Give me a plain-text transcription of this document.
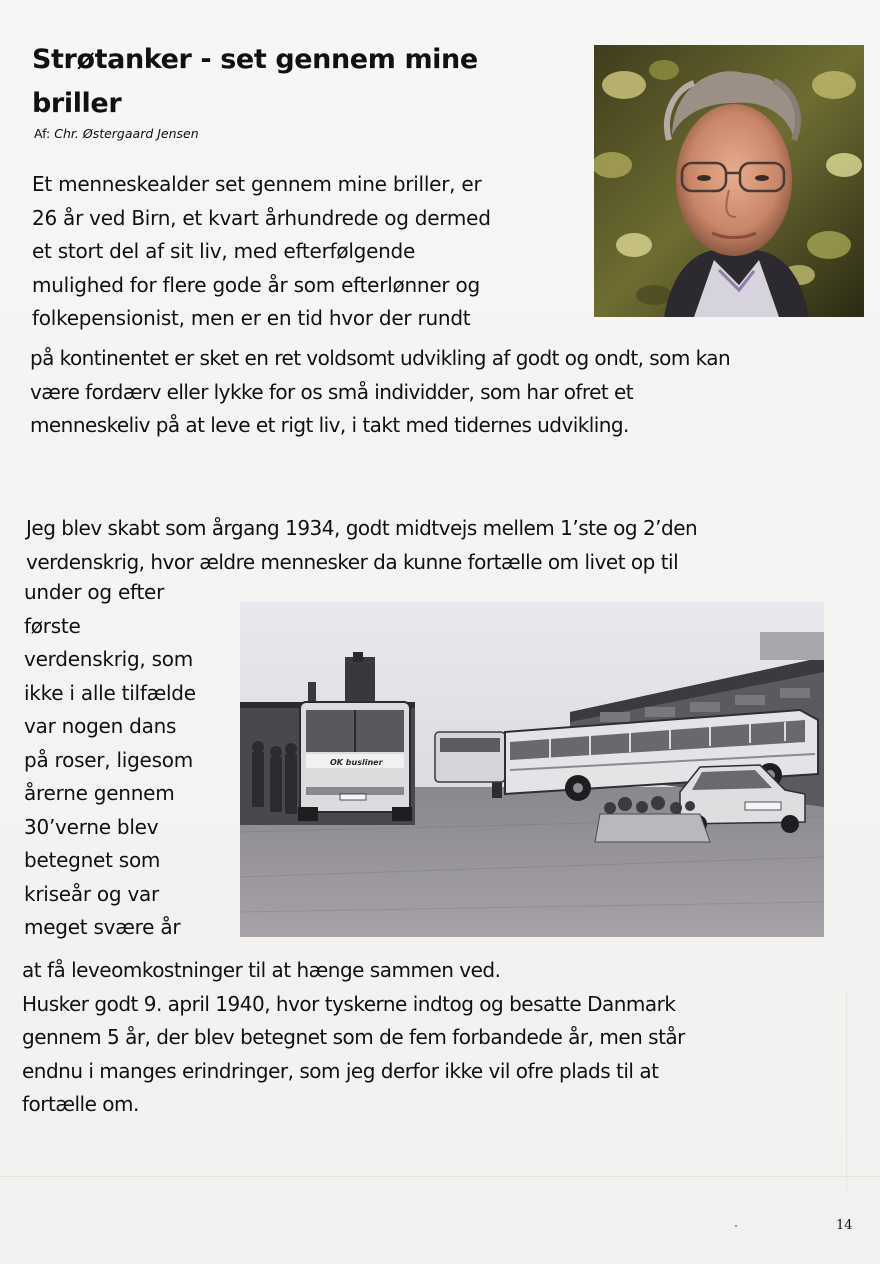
Strøtanker - set gennem mine
briller
Af: Chr. Østergaard Jensen
Et menneskealder set gennem mine briller, er
26 år ved Birn, et kvart århundrede og dermed
et stort del af sit liv, med efterfølgende
mulighed for flere gode år som efterlønner og
folkepensionist, men er en tid hvor der rundt
på kontinentet er sket en ret voldsomt udvikling af godt og ondt, som kan
være fordærv eller lykke for os små individder, som har ofret et
menneskeliv på at leve et rigt liv, i takt med tidernes udvikling.
Jeg blev skabt som årgang 1934, godt midtvejs mellem 1’ste og 2’den
verdenskrig, hvor ældre mennesker da kunne fortælle om livet op til
under og efter
første
verdenskrig, som
ikke i alle tilfælde
var nogen dans
på roser, ligesom
årerne gennem
30’verne blev
betegnet som
kriseår og var
meget svære år
at få leveomkostninger til at hænge sammen ved.
Husker godt 9. april 1940, hvor tyskerne indtog og besatte Danmark
gennem 5 år, der blev betegnet som de fem forbandede år, men står
endnu i manges erindringer, som jeg derfor ikke vil ofre plads til at
fortælle om.
OK busliner
14
